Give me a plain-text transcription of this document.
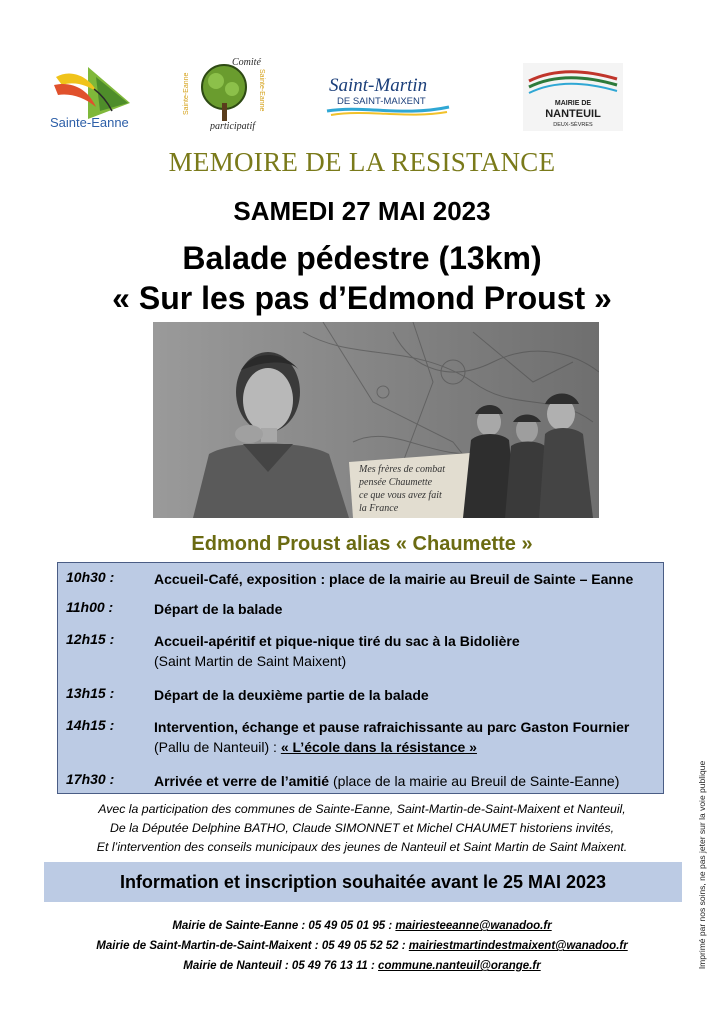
Sainte-Eanne
Comité
participatif
Sainte-Eanne	Sainte-Eanne	Saint-Martin
DE SAINT-MAIXENT	MAIRIE DE
NANTEUIL
DEUX-SÈVRES
MEMOIRE DE LA RESISTANCE
SAMEDI 27 MAI 2023
Balade pédestre (13km)
« Sur les pas d’Edmond Proust »
Mes frères de combat
pensée Chaumette
ce que vous avez fait
la France
Edmond Proust alias « Chaumette »
10h30 :	Accueil-Café, exposition : place de la mairie au Breuil de Sainte – Eanne
11h00 :	Départ de la balade
12h15 :	Accueil-apéritif et pique-nique tiré du sac à la Bidolière
(Saint Martin de Saint Maixent)
13h15 :	Départ de la deuxième partie de la balade
14h15 :	Intervention, échange et pause rafraichissante au parc Gaston Fournier
(Pallu de Nanteuil) : « L’école dans la résistance »
17h30 :	Arrivée et verre de l’amitié (place de la mairie au Breuil de Sainte-Eanne)
Avec la participation des communes de Sainte-Eanne, Saint-Martin-de-Saint-Maixent et Nanteuil,
De la Députée Delphine BATHO, Claude SIMONNET et Michel CHAUMET historiens invités,
Et l’intervention des conseils municipaux des jeunes de Nanteuil et Saint Martin de Saint Maixent.
Information et inscription souhaitée avant le 25 MAI 2023
Mairie de Sainte-Eanne : 05 49 05 01 95 : mairiesteeanne@wanadoo.fr
Mairie de Saint-Martin-de-Saint-Maixent : 05 49 05 52 52 : mairiestmartindestmaixent@wanadoo.fr
Mairie de Nanteuil : 05 49 76 13 11 : commune.nanteuil@orange.fr	Imprimé par nos soins, ne pas jeter sur la voie publique
